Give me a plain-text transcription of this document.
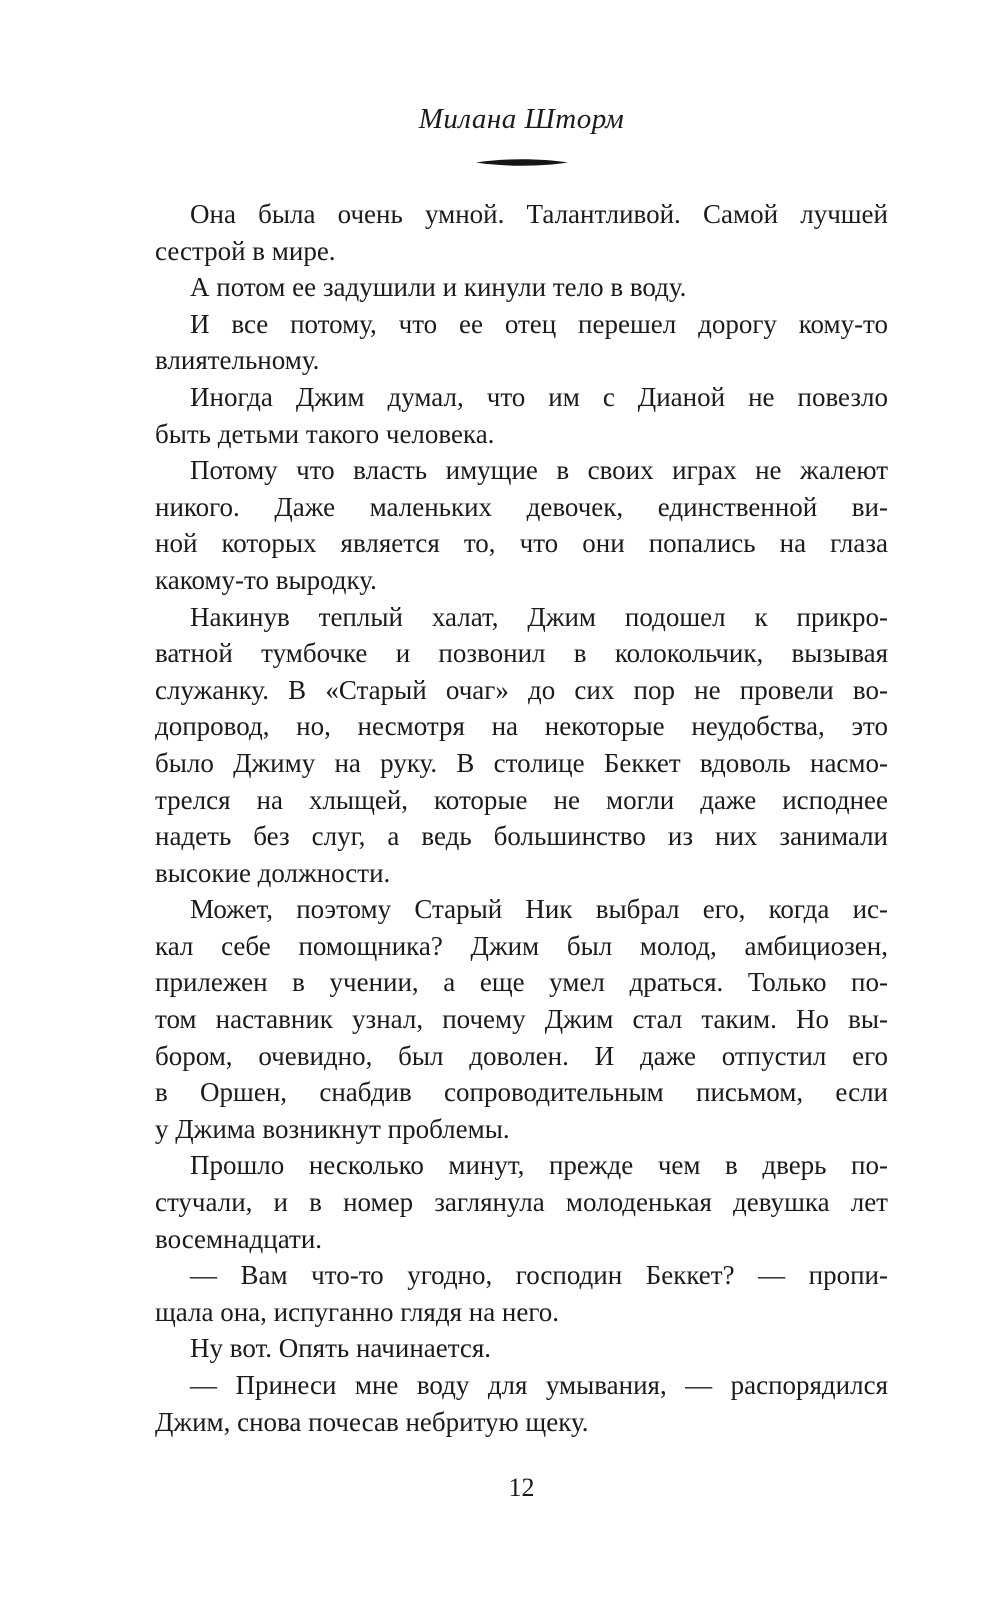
Милана Шторм
Она была очень умной. Талантливой. Самой лучшей
сестрой в мире.
А потом ее задушили и кинули тело в воду.
И все потому, что ее отец перешел дорогу кому-то
влиятельному.
Иногда Джим думал, что им с Дианой не повезло
быть детьми такого человека.
Потому что власть имущие в своих играх не жалеют
никого. Даже маленьких девочек, единственной ви-
ной которых является то, что они попались на глаза
какому-то выродку.
Накинув теплый халат, Джим подошел к прикро-
ватной тумбочке и позвонил в колокольчик, вызывая
служанку. В «Старый очаг» до сих пор не провели во-
допровод, но, несмотря на некоторые неудобства, это
было Джиму на руку. В столице Беккет вдоволь насмо-
трелся на хлыщей, которые не могли даже исподнее
надеть без слуг, а ведь большинство из них занимали
высокие должности.
Может, поэтому Старый Ник выбрал его, когда ис-
кал себе помощника? Джим был молод, амбициозен,
прилежен в учении, а еще умел драться. Только по-
том наставник узнал, почему Джим стал таким. Но вы-
бором, очевидно, был доволен. И даже отпустил его
в Оршен, снабдив сопроводительным письмом, если
у Джима возникнут проблемы.
Прошло несколько минут, прежде чем в дверь по-
стучали, и в номер заглянула молоденькая девушка лет
восемнадцати.
— Вам что-то угодно, господин Беккет? — пропи-
щала она, испуганно глядя на него.
Ну вот. Опять начинается.
— Принеси мне воду для умывания, — распорядился
Джим, снова почесав небритую щеку.
12
